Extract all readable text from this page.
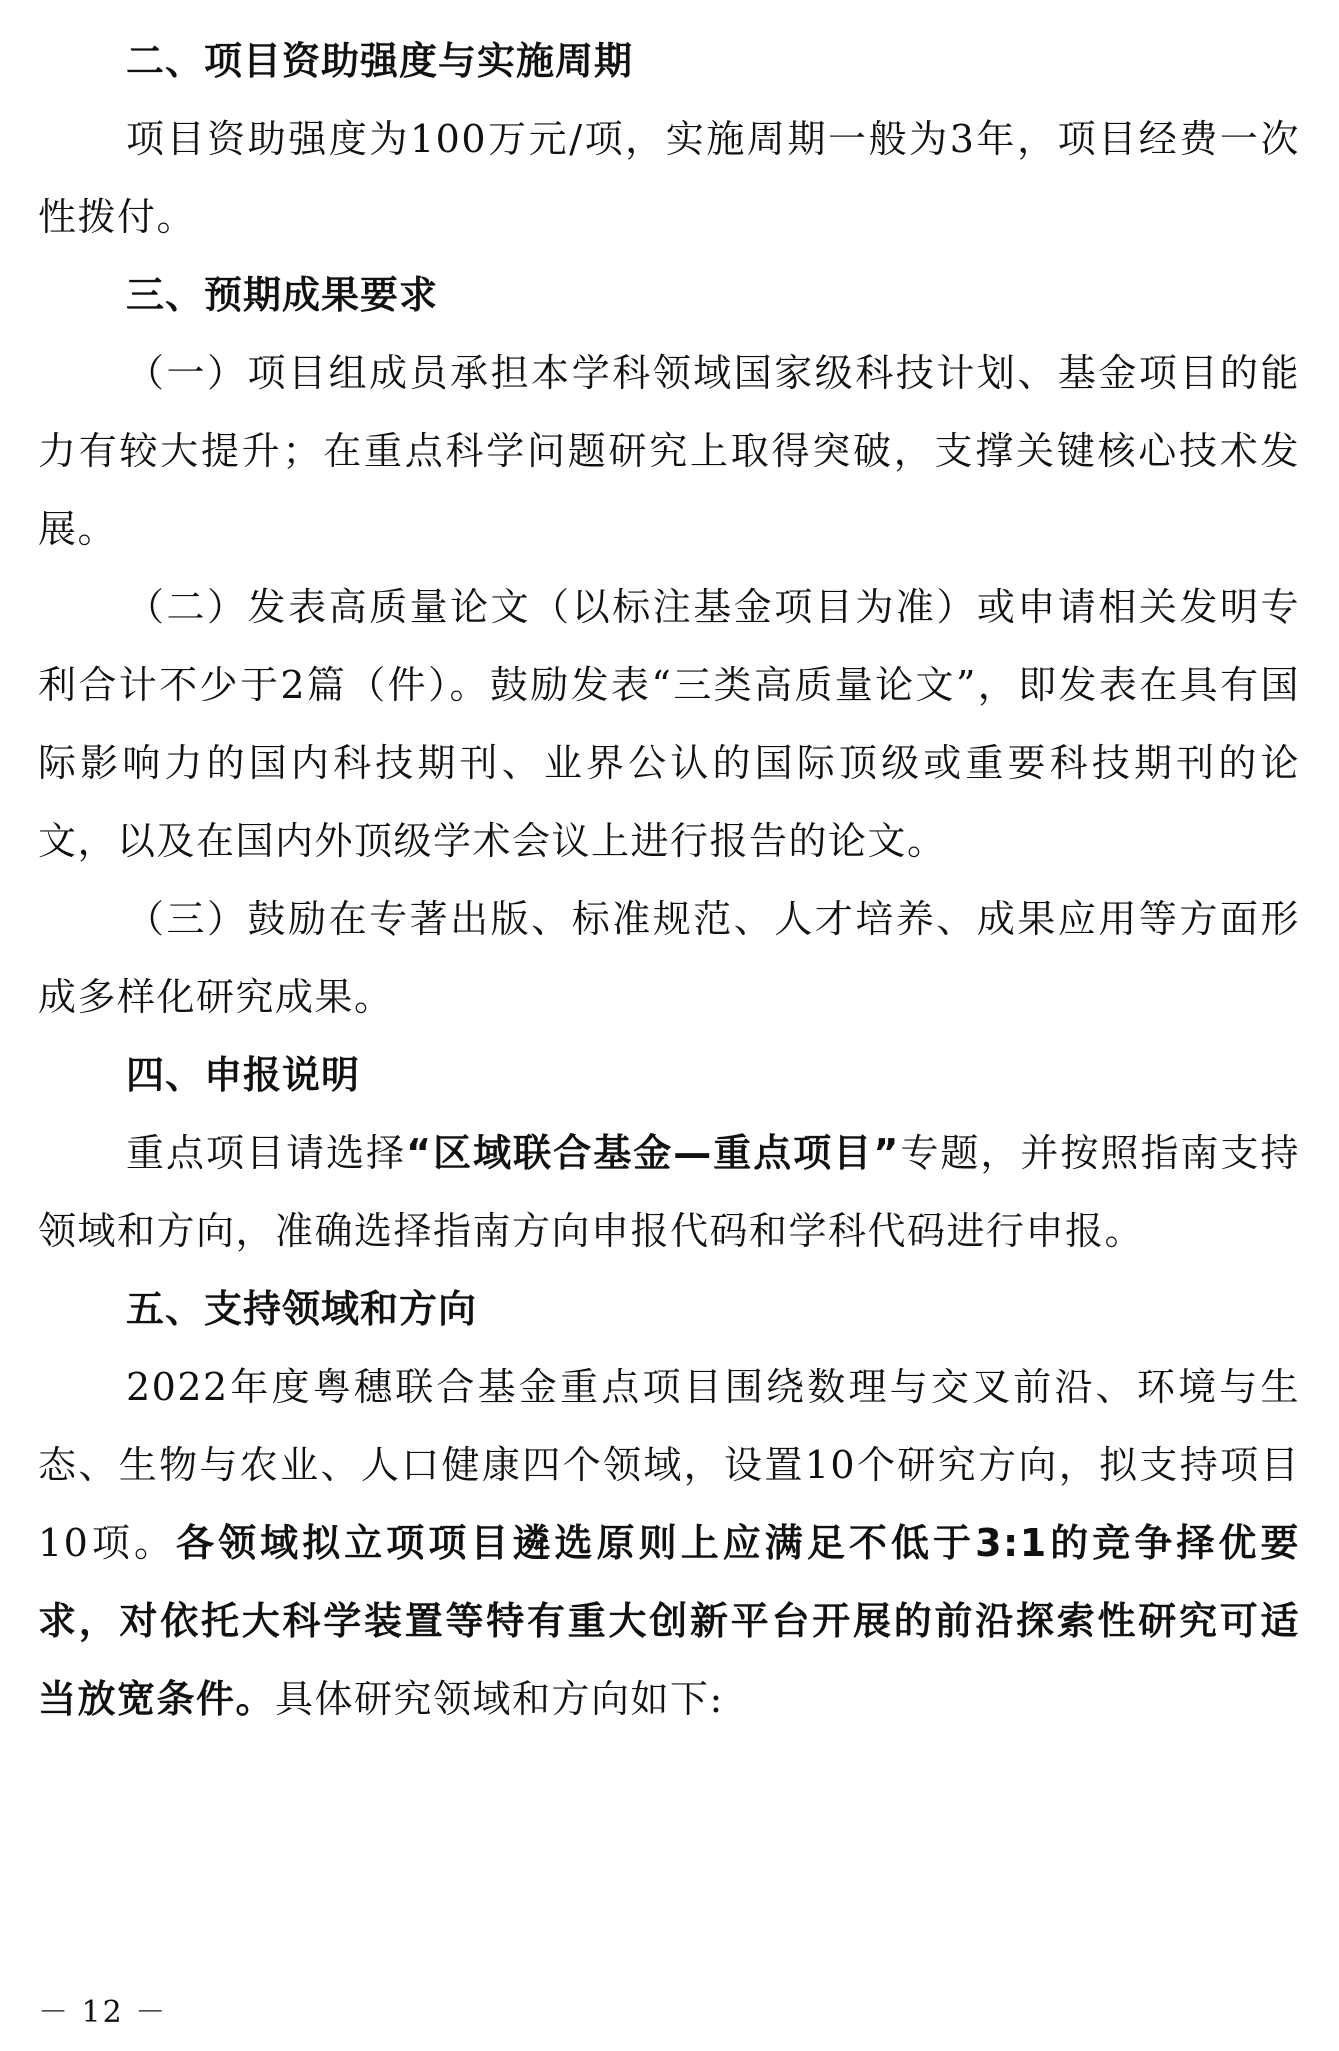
二、项目资助强度与实施周期
项目资助强度为100万元/项，实施周期一般为3年，项目经费一次性拨付。
三、预期成果要求
（一）项目组成员承担本学科领域国家级科技计划、基金项目的能力有较大提升；在重点科学问题研究上取得突破，支撑关键核心技术发展。
（二）发表高质量论文（以标注基金项目为准）或申请相关发明专利合计不少于2篇（件）。鼓励发表“三类高质量论文”，即发表在具有国际影响力的国内科技期刊、业界公认的国际顶级或重要科技期刊的论文，以及在国内外顶级学术会议上进行报告的论文。
（三）鼓励在专著出版、标准规范、人才培养、成果应用等方面形成多样化研究成果。
四、申报说明
重点项目请选择“区域联合基金—重点项目”专题，并按照指南支持领域和方向，准确选择指南方向申报代码和学科代码进行申报。
五、支持领域和方向
2022年度粤穗联合基金重点项目围绕数理与交叉前沿、环境与生态、生物与农业、人口健康四个领域，设置10个研究方向，拟支持项目10项。各领域拟立项项目遴选原则上应满足不低于3:1的竞争择优要求，对依托大科学装置等特有重大创新平台开展的前沿探索性研究可适当放宽条件。具体研究领域和方向如下:
－ 12 －
